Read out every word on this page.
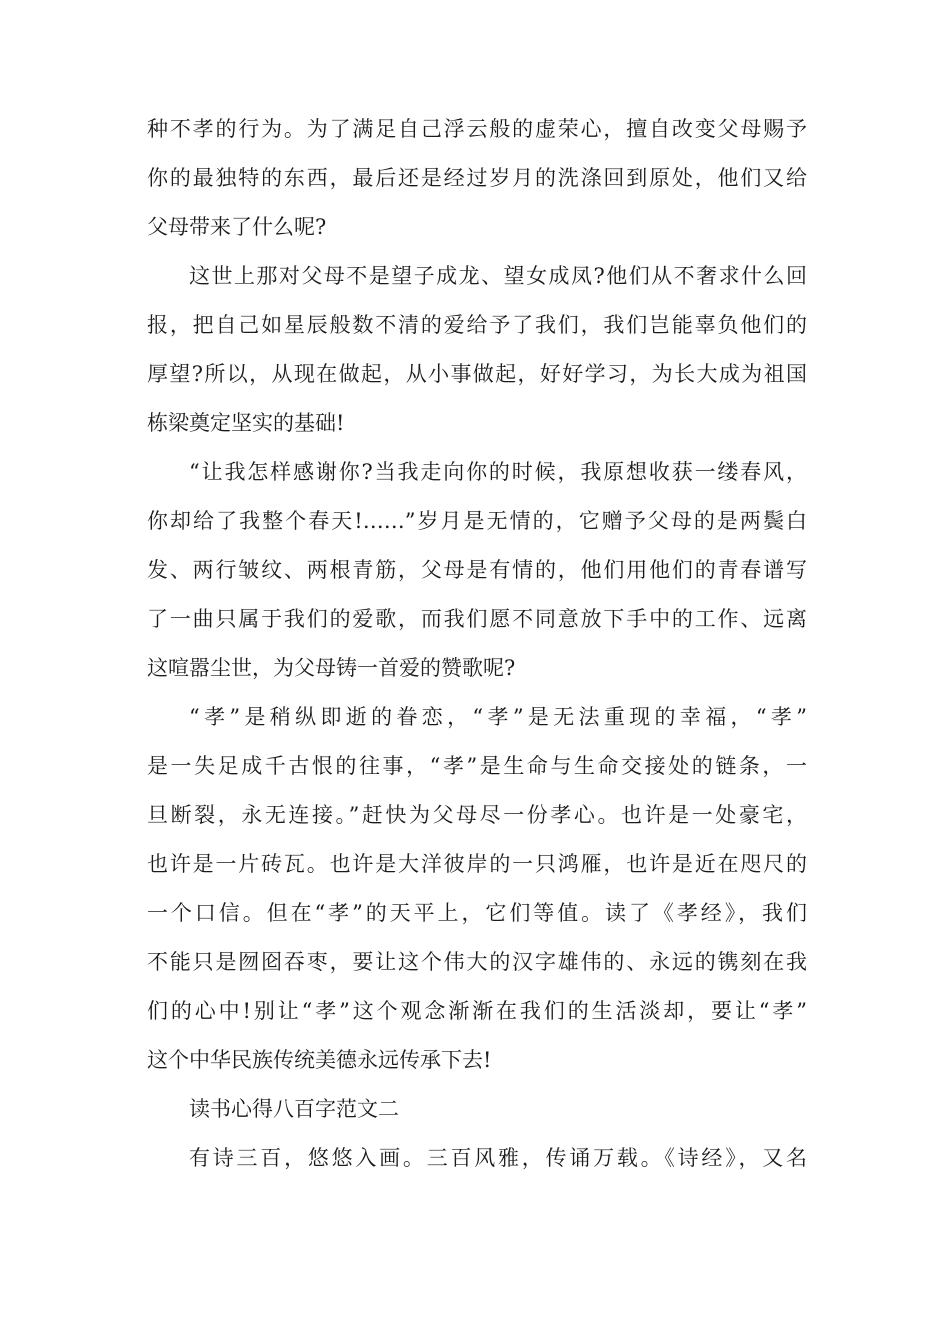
种不孝的行为。为了满足自己浮云般的虚荣心，擅自改变父母赐予
你的最独特的东西，最后还是经过岁月的洗涤回到原处，他们又给
父母带来了什么呢?
这世上那对父母不是望子成龙、望女成凤?他们从不奢求什么回
报，把自己如星辰般数不清的爱给予了我们，我们岂能辜负他们的
厚望?所以，从现在做起，从小事做起，好好学习，为长大成为祖国
栋梁奠定坚实的基础!
“让我怎样感谢你?当我走向你的时候，我原想收获一缕春风，
你却给了我整个春天!……”岁月是无情的，它赠予父母的是两鬓白
发、两行皱纹、两根青筋，父母是有情的，他们用他们的青春谱写
了一曲只属于我们的爱歌，而我们愿不同意放下手中的工作、远离
这喧嚣尘世，为父母铸一首爱的赞歌呢?
“孝”是稍纵即逝的眷恋，“孝”是无法重现的幸福，“孝”
是一失足成千古恨的往事，“孝”是生命与生命交接处的链条，一
旦断裂，永无连接。”赶快为父母尽一份孝心。也许是一处豪宅，
也许是一片砖瓦。也许是大洋彼岸的一只鸿雁，也许是近在咫尺的
一个口信。但在“孝”的天平上，它们等值。读了《孝经》，我们
不能只是囫囵吞枣，要让这个伟大的汉字雄伟的、永远的镌刻在我
们的心中!别让“孝”这个观念渐渐在我们的生活淡却，要让“孝”
这个中华民族传统美德永远传承下去!
读书心得八百字范文二
有诗三百，悠悠入画。三百风雅，传诵万载。《诗经》，又名
